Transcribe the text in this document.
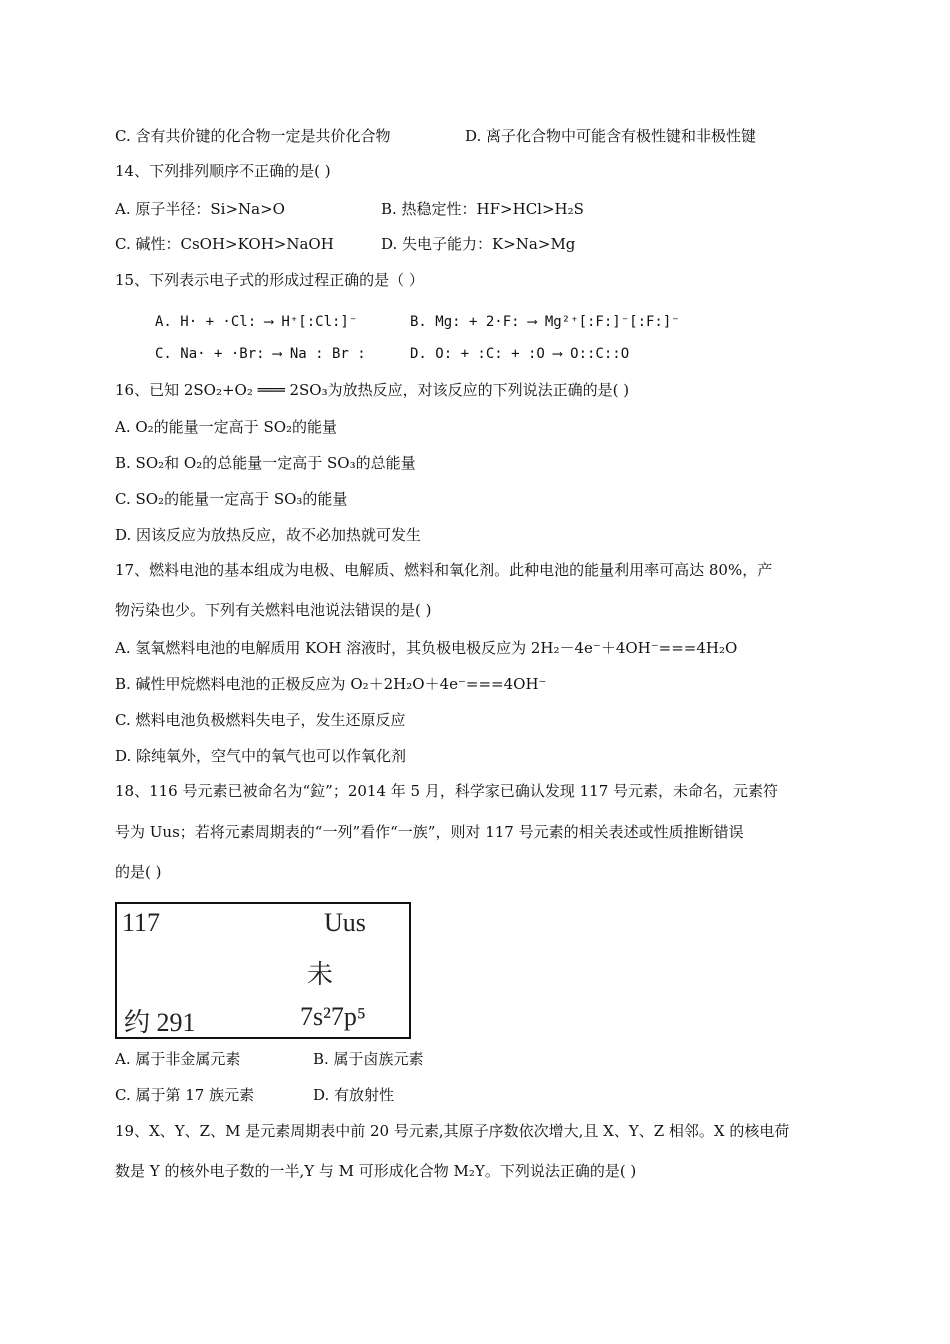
C. 含有共价键的化合物一定是共价化合物	D. 离子化合物中可能含有极性键和非极性键
14、下列排列顺序不正确的是( )
A. 原子半径：Si>Na>O	B. 热稳定性：HF>HCl>H₂S
C. 碱性：CsOH>KOH>NaOH	D. 失电子能力：K>Na>Mg
15、下列表示电子式的形成过程正确的是（ ）
A. H· + ·Cl: ⟶ H⁺[:Cl:]⁻	B. Mg: + 2·F: ⟶ Mg²⁺[:F:]⁻[:F:]⁻
C. Na· + ·Br: ⟶ Na : Br :	D. O: + :C: + :O ⟶ O::C::O
16、已知 2SO₂+O₂ ═══ 2SO₃为放热反应，对该反应的下列说法正确的是( )
A. O₂的能量一定高于 SO₂的能量
B. SO₂和 O₂的总能量一定高于 SO₃的总能量
C. SO₂的能量一定高于 SO₃的能量
D. 因该反应为放热反应，故不必加热就可发生
17、燃料电池的基本组成为电极、电解质、燃料和氧化剂。此种电池的能量利用率可高达 80%，产
物污染也少。下列有关燃料电池说法错误的是( )
A. 氢氧燃料电池的电解质用 KOH 溶液时，其负极电极反应为 2H₂－4e⁻＋4OH⁻===4H₂O
B. 碱性甲烷燃料电池的正极反应为 O₂＋2H₂O＋4e⁻===4OH⁻
C. 燃料电池负极燃料失电子，发生还原反应
D. 除纯氧外，空气中的氧气也可以作氧化剂
18、116 号元素已被命名为“鉝”；2014 年 5 月，科学家已确认发现 117 号元素，未命名，元素符
号为 Uus；若将元素周期表的“一列”看作“一族”，则对 117 号元素的相关表述或性质推断错误
的是( )
117	Uus
未
约 291	7s²7p⁵
A. 属于非金属元素	B. 属于卤族元素
C. 属于第 17 族元素	D. 有放射性
19、X、Y、Z、M 是元素周期表中前 20 号元素,其原子序数依次增大,且 X、Y、Z 相邻。X 的核电荷
数是 Y 的核外电子数的一半,Y 与 M 可形成化合物 M₂Y。下列说法正确的是( )
